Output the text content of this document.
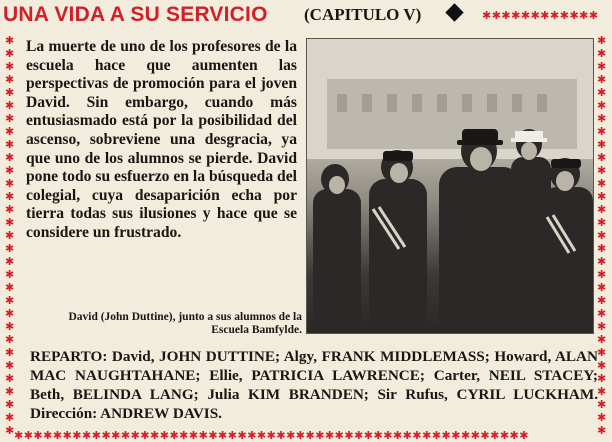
UNA VIDA A SU SERVICIO (CAPITULO V)	✱✱✱✱✱✱✱✱✱✱✱✱
✱✱✱✱✱✱✱✱✱✱✱✱✱✱✱✱✱✱✱✱✱✱✱✱✱✱✱✱✱✱✱
✱✱✱✱✱✱✱✱✱✱✱✱✱✱✱✱✱✱✱✱✱✱✱✱✱✱✱✱✱✱✱
✱✱✱✱✱✱✱✱✱✱✱✱✱✱✱✱✱✱✱✱✱✱✱✱✱✱✱✱✱✱✱✱✱✱✱✱✱✱✱✱✱✱✱✱✱✱✱✱✱✱✱✱✱
La muerte de uno de los profesores de la escuela hace que aumenten las perspectivas de promoción para el joven David. Sin embargo, cuando más entusiasmado está por la posibilidad del ascenso, sobreviene una desgracia, ya que uno de los alumnos se pierde. David pone todo su esfuerzo en la búsqueda del colegial, cuya desaparición echa por tierra todas sus ilusiones y hace que se considere un frustrado.
David (John Duttine), junto a sus alumnos de la Escuela Bamfylde.
REPARTO: David, JOHN DUTTINE; Algy, FRANK MIDDLEMASS; Howard, ALAN MAC NAUGHTAHANE; Ellie, PATRICIA LAWRENCE; Carter, NEIL STACEY; Beth, BELINDA LANG; Julia KIM BRANDEN; Sir Rufus, CYRIL LUCKHAM. Dirección: ANDREW DAVIS.
